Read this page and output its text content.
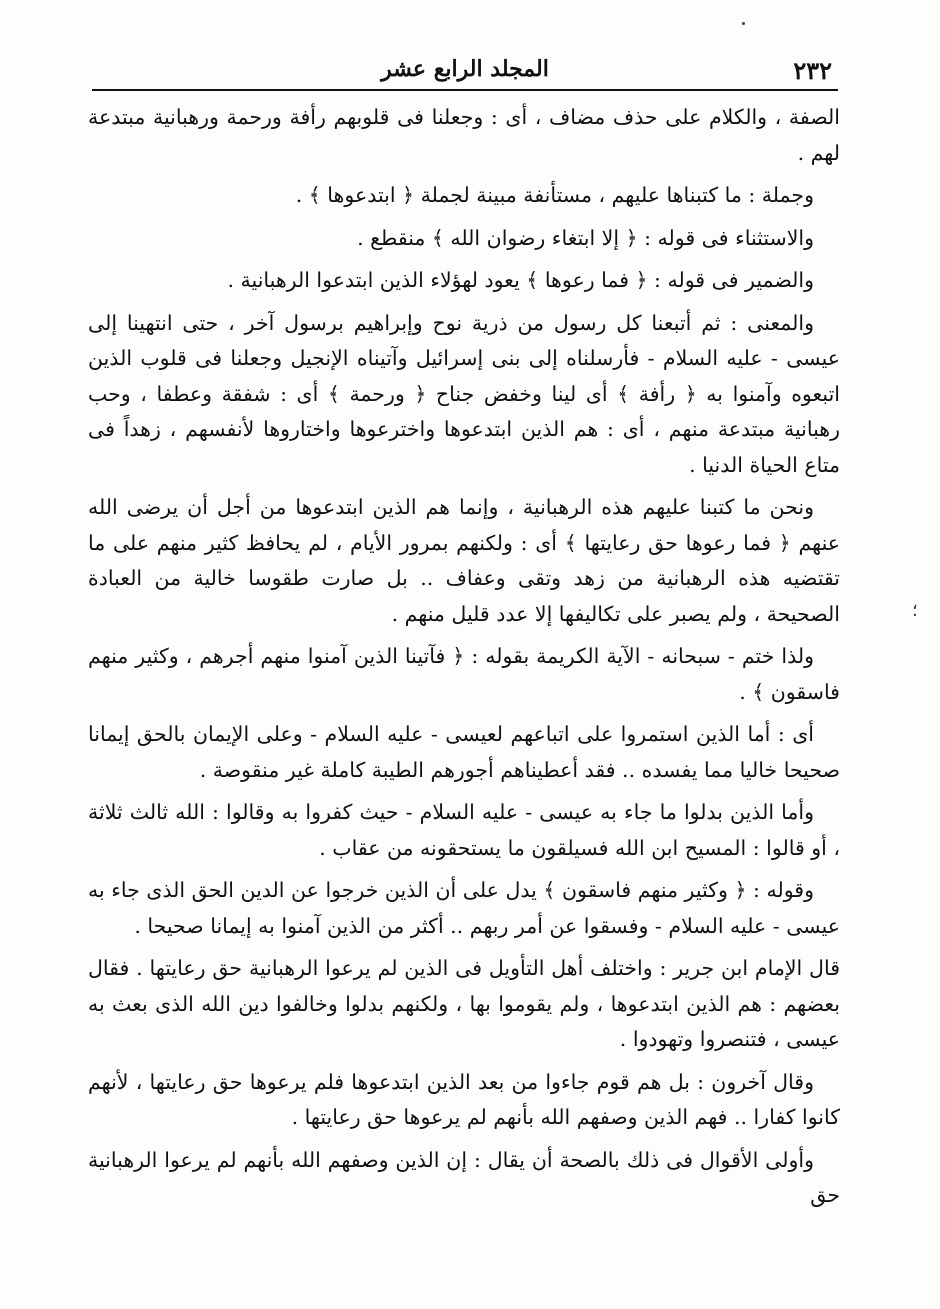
٢٣٢
المجلد الرابع عشر

الصفة ، والكلام على حذف مضاف ، أى : وجعلنا فى قلوبهم رأفة ورحمة ورهبانية مبتدعة لهم .

وجملة : ما كتبناها عليهم ، مستأنفة مبينة لجملة ﴿ ابتدعوها ﴾ .

والاستثناء فى قوله : ﴿ إلا ابتغاء رضوان الله ﴾ منقطع .

والضمير فى قوله : ﴿ فما رعوها ﴾ يعود لهؤلاء الذين ابتدعوا الرهبانية .

والمعنى : ثم أتبعنا كل رسول من ذرية نوح وإبراهيم برسول آخر ، حتى انتهينا إلى عيسى - عليه السلام - فأرسلناه إلى بنى إسرائيل وآتيناه الإنجيل وجعلنا فى قلوب الذين اتبعوه وآمنوا به ﴿ رأفة ﴾ أى لينا وخفض جناح ﴿ ورحمة ﴾ أى : شفقة وعطفا ، وحب رهبانية مبتدعة منهم ، أى : هم الذين ابتدعوها واخترعوها واختاروها لأنفسهم ، زهداً فى متاع الحياة الدنيا .

ونحن ما كتبنا عليهم هذه الرهبانية ، وإنما هم الذين ابتدعوها من أجل أن يرضى الله عنهم ﴿ فما رعوها حق رعايتها ﴾ أى : ولكنهم بمرور الأيام ، لم يحافظ كثير منهم على ما تقتضيه هذه الرهبانية من زهد وتقى وعفاف .. بل صارت طقوسا خالية من العبادة الصحيحة ، ولم يصبر على تكاليفها إلا عدد قليل منهم .

ولذا ختم - سبحانه - الآية الكريمة بقوله : ﴿ فآتينا الذين آمنوا منهم أجرهم ، وكثير منهم فاسقون ﴾ .

أى : أما الذين استمروا على اتباعهم لعيسى - عليه السلام - وعلى الإيمان بالحق إيمانا صحيحا خاليا مما يفسده .. فقد أعطيناهم أجورهم الطيبة كاملة غير منقوصة .

وأما الذين بدلوا ما جاء به عيسى - عليه السلام - حيث كفروا به وقالوا : الله ثالث ثلاثة ، أو قالوا : المسيح ابن الله فسيلقون ما يستحقونه من عقاب .

وقوله : ﴿ وكثير منهم فاسقون ﴾ يدل على أن الذين خرجوا عن الدين الحق الذى جاء به عيسى - عليه السلام - وفسقوا عن أمر ربهم .. أكثر من الذين آمنوا به إيمانا صحيحا .

قال الإمام ابن جرير : واختلف أهل التأويل فى الذين لم يرعوا الرهبانية حق رعايتها . فقال بعضهم : هم الذين ابتدعوها ، ولم يقوموا بها ، ولكنهم بدلوا وخالفوا دين الله الذى بعث به عيسى ، فتنصروا وتهودوا .

وقال آخرون : بل هم قوم جاءوا من بعد الذين ابتدعوها فلم يرعوها حق رعايتها ، لأنهم كانوا كفارا .. فهم الذين وصفهم الله بأنهم لم يرعوها حق رعايتها .

وأولى الأقوال فى ذلك بالصحة أن يقال : إن الذين وصفهم الله بأنهم لم يرعوا الرهبانية حق

؛
